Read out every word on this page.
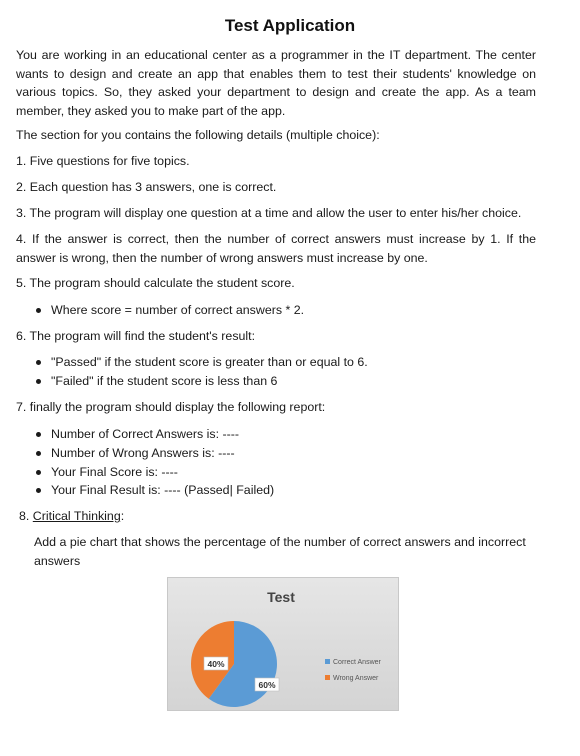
Test Application
You are working in an educational center as a programmer in the IT department. The center wants to design and create an app that enables them to test their students' knowledge on various topics. So, they asked your department to design and create the app. As a team member, they asked you to make part of the app.
The section for you contains the following details (multiple choice):
1. Five questions for five topics.
2. Each question has 3 answers, one is correct.
3. The program will display one question at a time and allow the user to enter his/her choice.
4. If the answer is correct, then the number of correct answers must increase by 1. If the answer is wrong, then the number of wrong answers must increase by one.
5. The program should calculate the student score.
Where score = number of correct answers * 2.
6. The program will find the student's result:
"Passed" if the student score is greater than or equal to 6.
"Failed" if the student score is less than 6
7. finally the program should display the following report:
Number of Correct Answers is: ----
Number of Wrong Answers is: ----
Your Final Score is: ----
Your Final Result is: ---- (Passed| Failed)
8. Critical Thinking:
Add a pie chart that shows the percentage of the number of correct answers and incorrect answers
Test
60%
40%	Correct Answer
Wrong Answer
